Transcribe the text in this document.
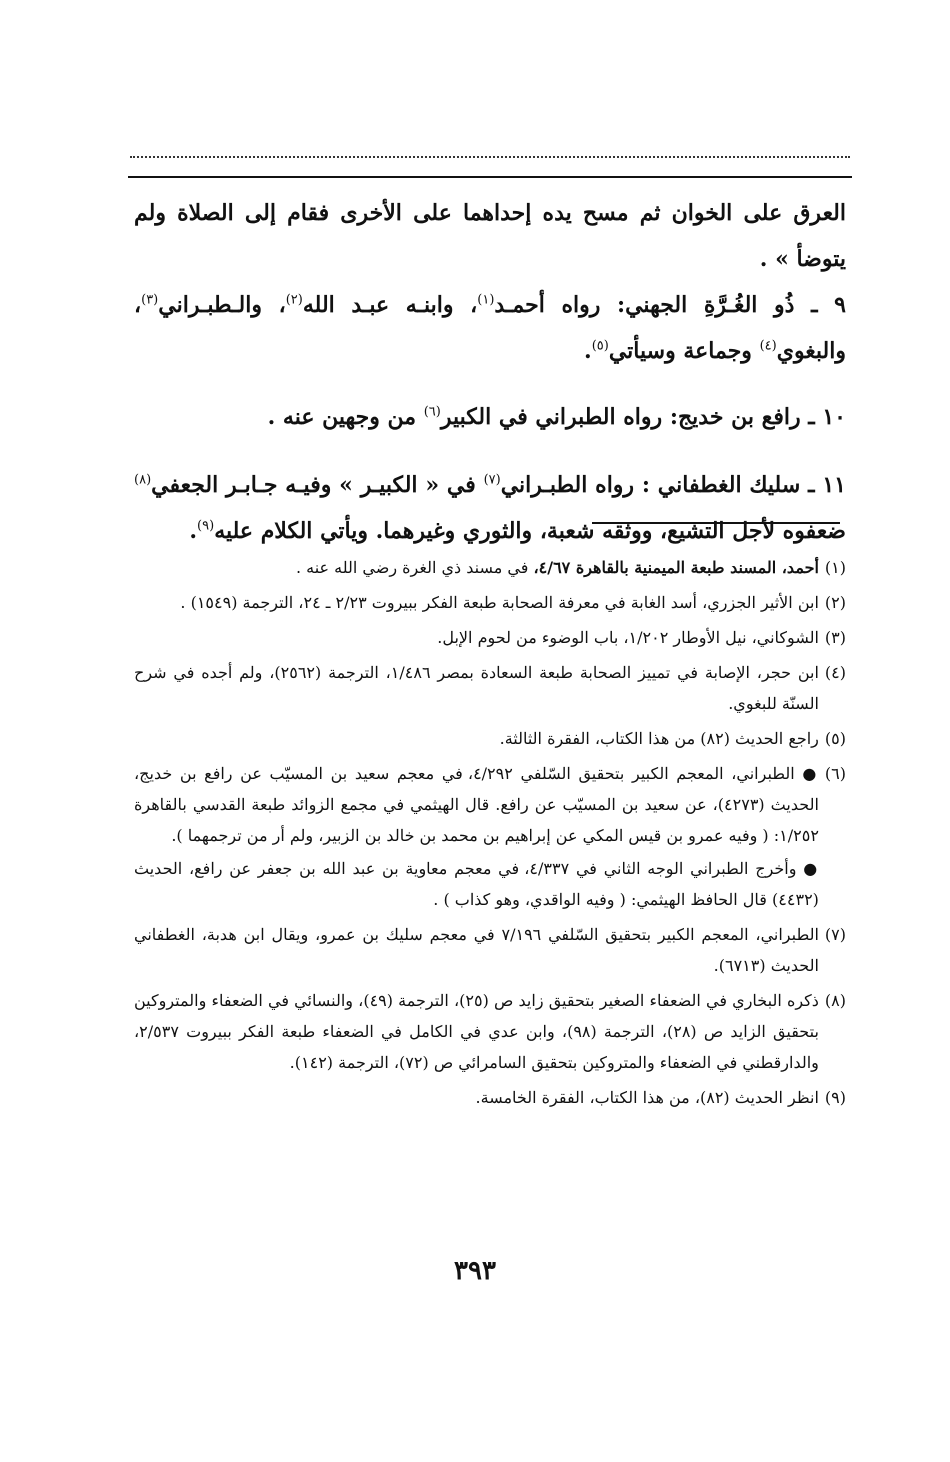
العرق على الخوان ثم مسح يده إحداهما على الأخرى فقام إلى الصلاة ولم يتوضأ » .

٩ ـ ذُو الغُـرَّةِ الجهني: رواه أحمـد$^{(١)}$، وابنـه عبـد الله$^{(٢)}$، والـطبـراني$^{(٣)}$، والبغوي$^{(٤)}$ وجماعة وسيأتي$^{(٥)}$.

١٠ ـ رافع بن خديج: رواه الطبراني في الكبير$^{(٦)}$ من وجهين عنه .

١١ ـ سليك الغطفاني : رواه الطبـراني$^{(٧)}$ في « الكبيـر » وفيـه جـابـر الجعفي$^{(٨)}$ ضعفوه لأجل التشيع، ووثقه شعبة، والثوري وغيرهما. ويأتي الكلام عليه$^{(٩)}$.

(١)
أحمد، المسند طبعة الميمنية بالقاهرة ٤/٦٧، في مسند ذي الغرة رضي الله عنه .
(٢)
ابن الأثير الجزري، أسد الغابة في معرفة الصحابة طبعة الفكر ببيروت ٢/٢٣ ـ ٢٤، الترجمة (١٥٤٩) .
(٣)
الشوكاني، نيل الأوطار ١/٢٠٢، باب الوضوء من لحوم الإبل.
(٤)
ابن حجر، الإصابة في تمييز الصحابة طبعة السعادة بمصر ١/٤٨٦، الترجمة (٢٥٦٢)، ولم أجده في شرح السنّة للبغوي.
(٥)
راجع الحديث (٨٢) من هذا الكتاب، الفقرة الثالثة.
(٦)
● الطبراني، المعجم الكبير بتحقيق السّلفي ٤/٢٩٢، في معجم سعيد بن المسيّب عن رافع بن خديج، الحديث (٤٢٧٣)، عن سعيد بن المسيّب عن رافع. قال الهيثمي في مجمع الزوائد طبعة القدسي بالقاهرة ١/٢٥٢: ( وفيه عمرو بن قيس المكي عن إبراهيم بن محمد بن خالد بن الزبير، ولم أر من ترجمهما ).
● وأخرج الطبراني الوجه الثاني في ٤/٣٣٧، في معجم معاوية بن عبد الله بن جعفر عن رافع، الحديث (٤٤٣٢) قال الحافظ الهيثمي: ( وفيه الواقدي، وهو كذاب ) .
(٧)
الطبراني، المعجم الكبير بتحقيق السّلفي ٧/١٩٦ في معجم سليك بن عمرو، ويقال ابن هدبة، الغطفاني الحديث (٦٧١٣).
(٨)
ذكره البخاري في الضعفاء الصغير بتحقيق زايد ص (٢٥)، الترجمة (٤٩)، والنسائي في الضعفاء والمتروكين بتحقيق الزايد ص (٢٨)، الترجمة (٩٨)، وابن عدي في الكامل في الضعفاء طبعة الفكر ببيروت ٢/٥٣٧، والدارقطني في الضعفاء والمتروكين بتحقيق السامرائي ص (٧٢)، الترجمة (١٤٢).
(٩)
انظر الحديث (٨٢)، من هذا الكتاب، الفقرة الخامسة.
٣٩٣
